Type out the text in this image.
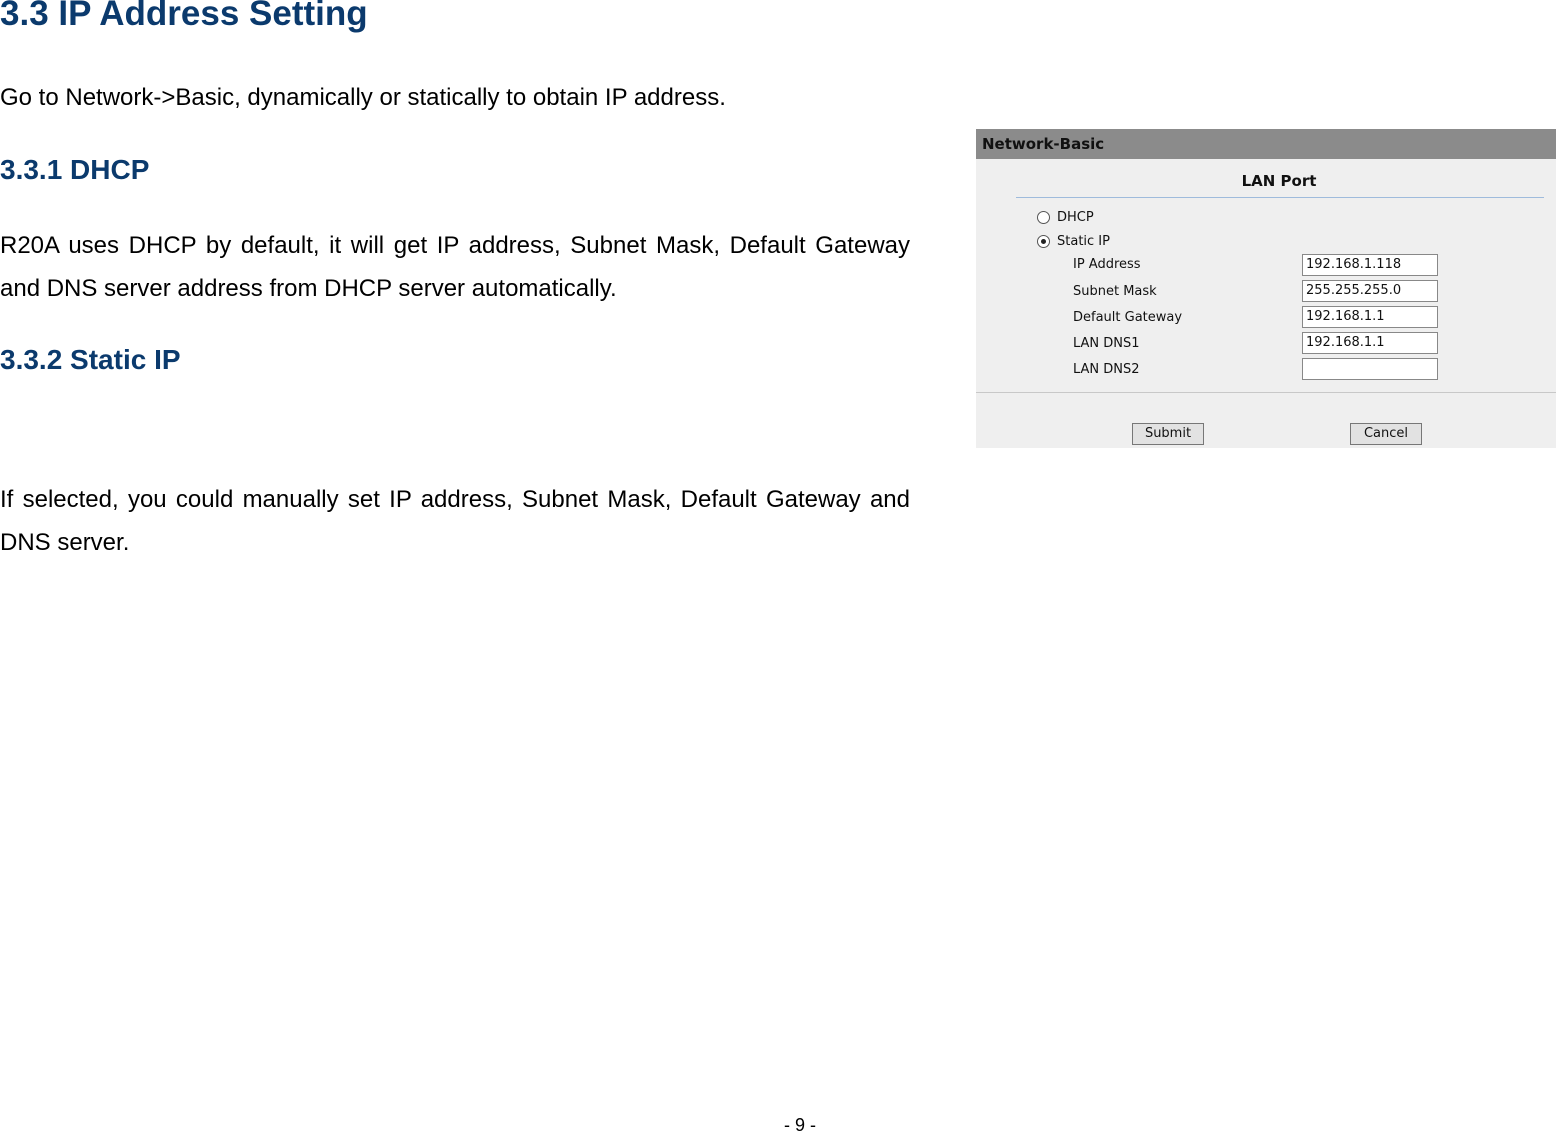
3.3 IP Address Setting

Go to Network->Basic, dynamically or statically to obtain IP address.

3.3.1 DHCP

R20A uses DHCP by default, it will get IP address, Subnet Mask, Default Gateway and DNS server address from DHCP server automatically.

3.3.2 Static IP

If selected, you could manually set IP address, Subnet Mask, Default Gateway and DNS server.

Network-Basic
LAN Port
DHCP
Static IP
IP Address	192.168.1.118
Subnet Mask	255.255.255.0
Default Gateway	192.168.1.1
LAN DNS1	192.168.1.1
LAN DNS2
Submit	Cancel
- 9 -
